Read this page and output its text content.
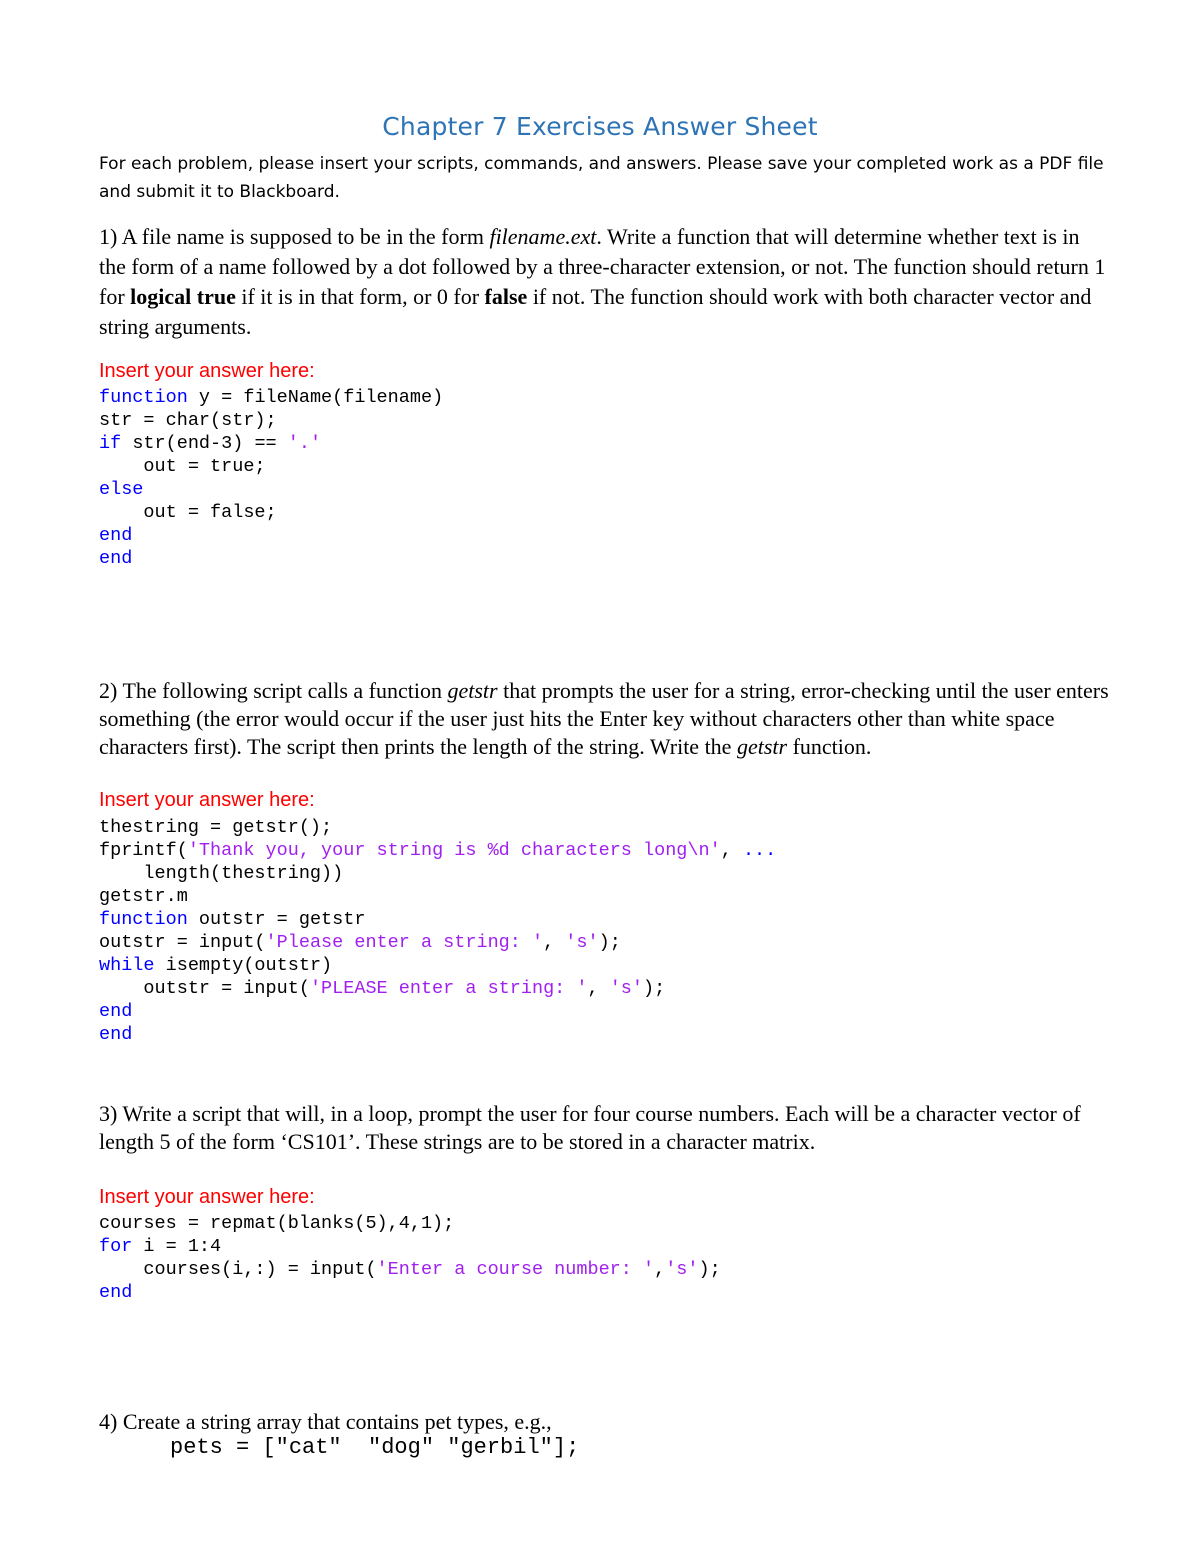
Chapter 7 Exercises Answer Sheet
For each problem, please insert your scripts, commands, and answers. Please save your completed work as a PDF file and submit it to Blackboard.
1) A file name is supposed to be in the form filename.ext. Write a function that will determine whether text is in the form of a name followed by a dot followed by a three-character extension, or not. The function should return 1 for logical true if it is in that form, or 0 for false if not. The function should work with both character vector and string arguments.
Insert your answer here:
function y = fileName(filename)
str = char(str);
if str(end-3) == '.'
out = true;
else
out = false;
end
end
2) The following script calls a function getstr that prompts the user for a string, error-checking until the user enters something (the error would occur if the user just hits the Enter key without characters other than white space characters first). The script then prints the length of the string. Write the getstr function.
Insert your answer here:
thestring = getstr();
fprintf('Thank you, your string is %d characters long\n', ...
length(thestring))
getstr.m
function outstr = getstr
outstr = input('Please enter a string: ', 's');
while isempty(outstr)
outstr = input('PLEASE enter a string: ', 's');
end
end
3) Write a script that will, in a loop, prompt the user for four course numbers. Each will be a character vector of length 5 of the form ‘CS101’. These strings are to be stored in a character matrix.
Insert your answer here:
courses = repmat(blanks(5),4,1);
for i = 1:4
courses(i,:) = input('Enter a course number: ','s');
end
4) Create a string array that contains pet types, e.g.,
pets = ["cat"  "dog" "gerbil"];
